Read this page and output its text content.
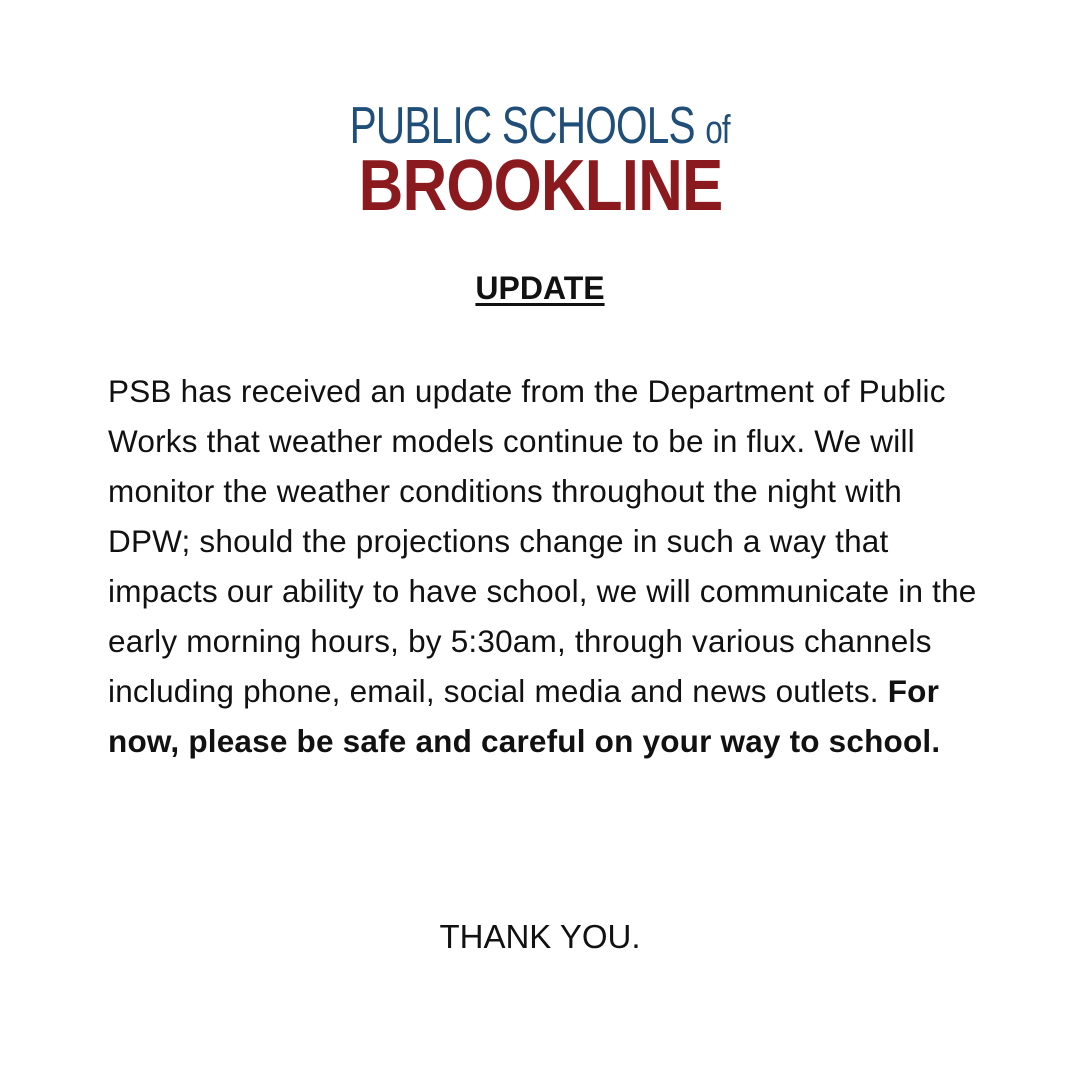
PUBLIC SCHOOLS of
BROOKLINE
UPDATE
PSB has received an update from the Department of Public Works that weather models continue to be in flux. We will monitor the weather conditions throughout the night with DPW; should the projections change in such a way that impacts our ability to have school, we will communicate in the early morning hours, by 5:30am, through various channels including phone, email, social media and news outlets. For now, please be safe and careful on your way to school.
THANK YOU.
